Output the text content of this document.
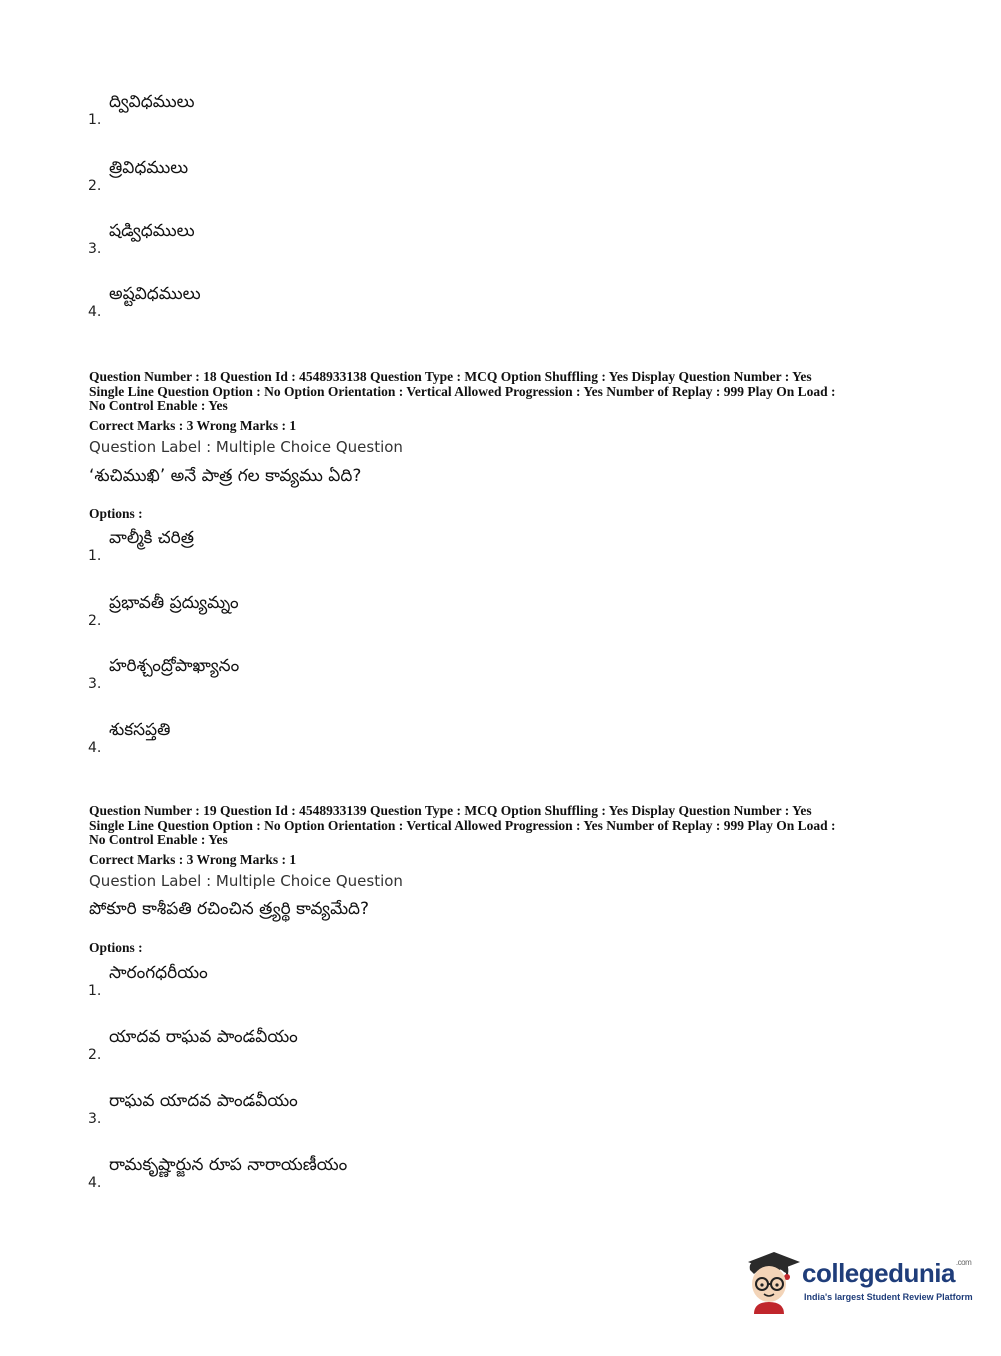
1.
ద్వివిధములు
2.
త్రివిధములు
3.
షడ్విధములు
4.
అష్టవిధములు
Question Number : 18 Question Id : 4548933138 Question Type : MCQ Option Shuffling : Yes Display Question Number : Yes
Single Line Question Option : No Option Orientation : Vertical Allowed Progression : Yes Number of Replay : 999 Play On Load :
No Control Enable : Yes
Correct Marks : 3 Wrong Marks : 1
Question Label : Multiple Choice Question
‘శుచిముఖి’ అనే పాత్ర గల కావ్యము ఏది?
Options :
1.
వాల్మీకి చరిత్ర
2.
ప్రభావతీ ప్రద్యుమ్నం
3.
హరిశ్చంద్రోపాఖ్యానం
4.
శుకసప్తతి
Question Number : 19 Question Id : 4548933139 Question Type : MCQ Option Shuffling : Yes Display Question Number : Yes
Single Line Question Option : No Option Orientation : Vertical Allowed Progression : Yes Number of Replay : 999 Play On Load :
No Control Enable : Yes
Correct Marks : 3 Wrong Marks : 1
Question Label : Multiple Choice Question
పోకూరి కాశీపతి రచించిన త్ర్యర్థి కావ్యమేది?
Options :
1.
సారంగధరీయం
2.
యాదవ రాఘవ పాండవీయం
3.
రాఘవ యాదవ పాండవీయం
4.
రామకృష్ణార్జున రూప నారాయణీయం
collegedunia$^{.com}$
India's largest Student Review Platform
